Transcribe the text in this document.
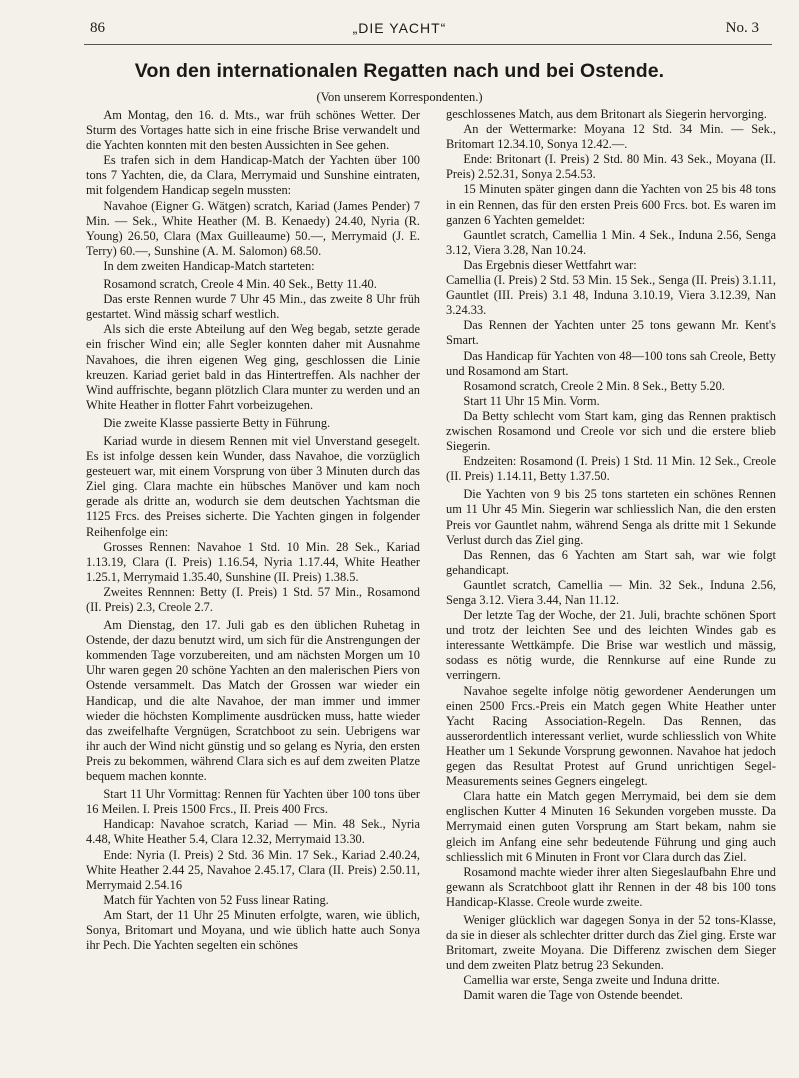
86	„DIE YACHT“	No. 3
Von den internationalen Regatten nach und bei Ostende.
(Von unserem Korrespondenten.)

Am Montag, den 16. d. Mts., war früh schönes Wetter. Der Sturm des Vortages hatte sich in eine frische Brise verwandelt und die Yachten konnten mit den besten Aussichten in See gehen.

Es trafen sich in dem Handicap-Match der Yachten über 100 tons 7 Yachten, die, da Clara, Merrymaid und Sunshine eintraten, mit folgendem Handicap segeln mussten:

Navahoe (Eigner G. Wätgen) scratch, Kariad (James Pender) 7 Min. — Sek., White Heather (M. B. Kenaedy) 24.40, Nyria (R. Young) 26.50, Clara (Max Guilleaume) 50.—, Merrymaid (J. E. Terry) 60.—, Sunshine (A. M. Salomon) 68.50.

In dem zweiten Handicap-Match starteten:

Rosamond scratch, Creole 4 Min. 40 Sek., Betty 11.40.

Das erste Rennen wurde 7 Uhr 45 Min., das zweite 8 Uhr früh gestartet. Wind mässig scharf westlich.

Als sich die erste Abteilung auf den Weg begab, setzte gerade ein frischer Wind ein; alle Segler konnten daher mit Ausnahme Navahoes, die ihren eigenen Weg ging, geschlossen die Linie kreuzen. Kariad geriet bald in das Hintertreffen. Als nachher der Wind auffrischte, begann plötzlich Clara munter zu werden und an White Heather in flotter Fahrt vorbeizugehen.

Die zweite Klasse passierte Betty in Führung.

Kariad wurde in diesem Rennen mit viel Unverstand gesegelt. Es ist infolge dessen kein Wunder, dass Navahoe, die vorzüglich gesteuert war, mit einem Vorsprung von über 3 Minuten durch das Ziel ging. Clara machte ein hübsches Manöver und kam noch gerade als dritte an, wodurch sie dem deutschen Yachtsman die 1125 Frcs. des Preises sicherte. Die Yachten gingen in folgender Reihenfolge ein:

Grosses Rennen: Navahoe 1 Std. 10 Min. 28 Sek., Kariad 1.13.19, Clara (I. Preis) 1.16.54, Nyria 1.17.44, White Heather 1.25.1, Merrymaid 1.35.40, Sunshine (II. Preis) 1.38.5.

Zweites Rennnen: Betty (I. Preis) 1 Std. 57 Min., Rosamond (II. Preis) 2.3, Creole 2.7.

Am Dienstag, den 17. Juli gab es den üblichen Ruhetag in Ostende, der dazu benutzt wird, um sich für die Anstrengungen der kommenden Tage vorzubereiten, und am nächsten Morgen um 10 Uhr waren gegen 20 schöne Yachten an den malerischen Piers von Ostende versammelt. Das Match der Grossen war wieder ein Handicap, und die alte Navahoe, der man immer und immer wieder die höchsten Komplimente ausdrücken muss, hatte wieder das zweifelhafte Vergnügen, Scratchboot zu sein. Uebrigens war ihr auch der Wind nicht günstig und so gelang es Nyria, den ersten Preis zu bekommen, während Clara sich es auf dem zweiten Platze bequem machen konnte.

Start 11 Uhr Vormittag: Rennen für Yachten über 100 tons über 16 Meilen. I. Preis 1500 Frcs., II. Preis 400 Frcs.

Handicap: Navahoe scratch, Kariad — Min. 48 Sek., Nyria 4.48, White Heather 5.4, Clara 12.32, Merrymaid 13.30.

Ende: Nyria (I. Preis) 2 Std. 36 Min. 17 Sek., Kariad 2.40.24, White Heather 2.44 25, Navahoe 2.45.17, Clara (II. Preis) 2.50.11, Merrymaid 2.54.16

Match für Yachten von 52 Fuss linear Rating.

Am Start, der 11 Uhr 25 Minuten erfolgte, waren, wie üblich, Sonya, Britomart und Moyana, und wie üblich hatte auch Sonya ihr Pech. Die Yachten segelten ein schönes

geschlossenes Match, aus dem Britonart als Siegerin hervorging.

An der Wettermarke: Moyana 12 Std. 34 Min. — Sek., Britomart 12.34.10, Sonya 12.42.—.

Ende: Britonart (I. Preis) 2 Std. 80 Min. 43 Sek., Moyana (II. Preis) 2.52.31, Sonya 2.54.53.

15 Minuten später gingen dann die Yachten von 25 bis 48 tons in ein Rennen, das für den ersten Preis 600 Frcs. bot. Es waren im ganzen 6 Yachten gemeldet:

Gauntlet scratch, Camellia 1 Min. 4 Sek., Induna 2.56, Senga 3.12, Viera 3.28, Nan 10.24.

Das Ergebnis dieser Wettfahrt war:

Camellia (I. Preis) 2 Std. 53 Min. 15 Sek., Senga (II. Preis) 3.1.11, Gauntlet (III. Preis) 3.1 48, Induna 3.10.19, Viera 3.12.39, Nan 3.24.33.

Das Rennen der Yachten unter 25 tons gewann Mr. Kent's Smart.

Das Handicap für Yachten von 48—100 tons sah Creole, Betty und Rosamond am Start.

Rosamond scratch, Creole 2 Min. 8 Sek., Betty 5.20.

Start 11 Uhr 15 Min. Vorm.

Da Betty schlecht vom Start kam, ging das Rennen praktisch zwischen Rosamond und Creole vor sich und die erstere blieb Siegerin.

Endzeiten: Rosamond (I. Preis) 1 Std. 11 Min. 12 Sek., Creole (II. Preis) 1.14.11, Betty 1.37.50.

Die Yachten von 9 bis 25 tons starteten ein schönes Rennen um 11 Uhr 45 Min. Siegerin war schliesslich Nan, die den ersten Preis vor Gauntlet nahm, während Senga als dritte mit 1 Sekunde Verlust durch das Ziel ging.

Das Rennen, das 6 Yachten am Start sah, war wie folgt gehandicapt.

Gauntlet scratch, Camellia — Min. 32 Sek., Induna 2.56, Senga 3.12. Viera 3.44, Nan 11.12.

Der letzte Tag der Woche, der 21. Juli, brachte schönen Sport und trotz der leichten See und des leichten Windes gab es interessante Wettkämpfe. Die Brise war westlich und mässig, sodass es nötig wurde, die Rennkurse auf eine Runde zu verringern.

Navahoe segelte infolge nötig gewordener Aenderungen um einen 2500 Frcs.-Preis ein Match gegen White Heather unter Yacht Racing Association-Regeln. Das Rennen, das ausserordentlich interessant verliet, wurde schliesslich von White Heather um 1 Sekunde Vorsprung gewonnen. Navahoe hat jedoch gegen das Resultat Protest auf Grund unrichtigen Segel-Measurements seines Gegners eingelegt.

Clara hatte ein Match gegen Merrymaid, bei dem sie dem englischen Kutter 4 Minuten 16 Sekunden vorgeben musste. Da Merrymaid einen guten Vorsprung am Start bekam, nahm sie gleich im Anfang eine sehr bedeutende Führung und ging auch schliesslich mit 6 Minuten in Front vor Clara durch das Ziel.

Rosamond machte wieder ihrer alten Siegeslaufbahn Ehre und gewann als Scratchboot glatt ihr Rennen in der 48 bis 100 tons Handicap-Klasse. Creole wurde zweite.

Weniger glücklich war dagegen Sonya in der 52 tons-Klasse, da sie in dieser als schlechter dritter durch das Ziel ging. Erste war Britomart, zweite Moyana. Die Differenz zwischen dem Sieger und dem zweiten Platz betrug 23 Sekunden.

Camellia war erste, Senga zweite und Induna dritte.

Damit waren die Tage von Ostende beendet.
